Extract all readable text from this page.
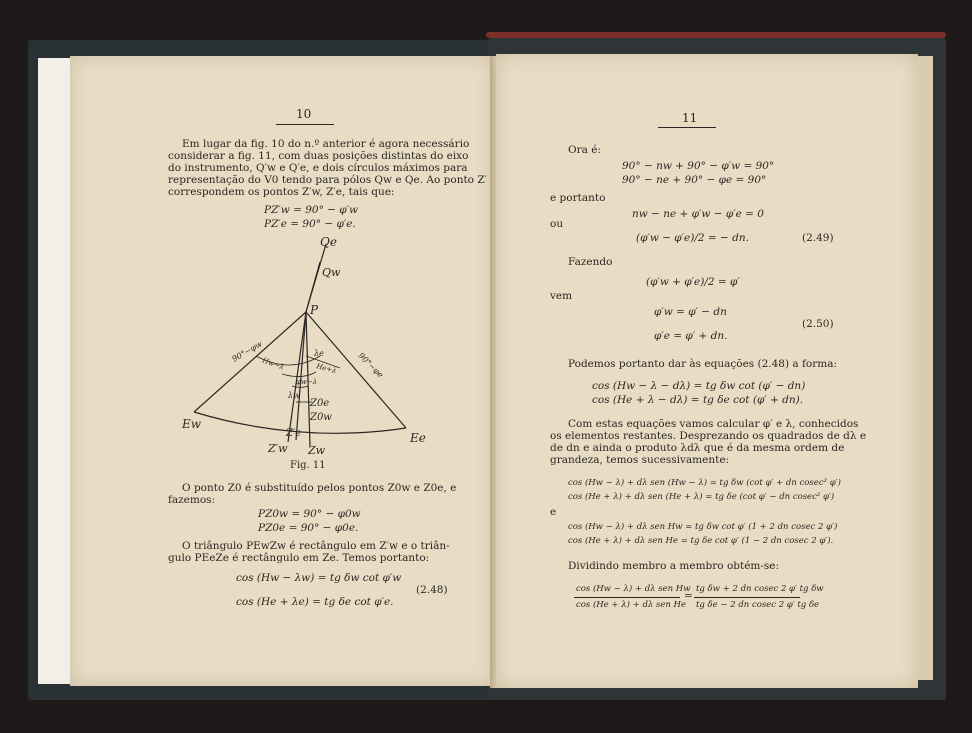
10
Em lugar da fig. 10 do n.º anterior é agora necessário
considerar a fig. 11, com duas posições distintas do eixo
do instrumento, Q′w e Q′e, e dois círculos máximos para
representação do V0 tendo para pólos Qw e Qe. Ao ponto Z′
correspondem os pontos Z′w, Z′e, tais que:
PZ′w = 90° − φ′w
PZ′e = 90° − φ′e.
Qe
Qw
P
Ew
Ee
Z′w
Z′e
Zw
Z0w
Z0e
90°−φw	90°−φe
Hw−λ	He+λ
λw
λe
φw−λ
Fig. 11
O ponto Z0 é substituído pelos pontos Z0w e Z0e, e
fazemos:
PZ0w = 90° − φ0w
PZ0e = 90° − φ0e.
O triângulo PEwZw é rectângulo em Z′w e o triân-
gulo PEeZe é rectângulo em Ze. Temos portanto:
cos (Hw − λw) = tg δw cot φ′w
cos (He + λe) = tg δe cot φ′e.
(2.48)
11
Ora é:
90° − nw + 90° − φ′w = 90°
90° − ne + 90° − φe = 90°
e portanto
nw − ne + φ′w − φ′e = 0
ou
(φ′w − φ′e)/2 = − dn.	(2.49)
Fazendo
(φ′w + φ′e)/2 = φ′
vem
φ′w = φ′ − dn
φ′e = φ′ + dn.
(2.50)
Podemos portanto dar às equações (2.48) a forma:
cos (Hw − λ − dλ) = tg δw cot (φ′ − dn)
cos (He + λ − dλ) = tg δe cot (φ′ + dn).
Com estas equações vamos calcular φ′ e λ, conhecidos
os elementos restantes. Desprezando os quadrados de dλ e
de dn e ainda o produto λdλ que é da mesma ordem de
grandeza, temos sucessivamente:
cos (Hw − λ) + dλ sen (Hw − λ) = tg δw (cot φ′ + dn cosec² φ′)
cos (He + λ) + dλ sen (He + λ) = tg δe (cot φ′ − dn cosec² φ′)
e
cos (Hw − λ) + dλ sen Hw = tg δw cot φ′ (1 + 2 dn cosec 2 φ′)
cos (He + λ) + dλ sen He = tg δe cot φ′ (1 − 2 dn cosec 2 φ′).
Dividindo membro a membro obtém-se:
cos (Hw − λ) + dλ sen Hw
cos (He + λ) + dλ sen He
=
tg δw + 2 dn cosec 2 φ′ tg δw
tg δe − 2 dn cosec 2 φ′ tg δe
